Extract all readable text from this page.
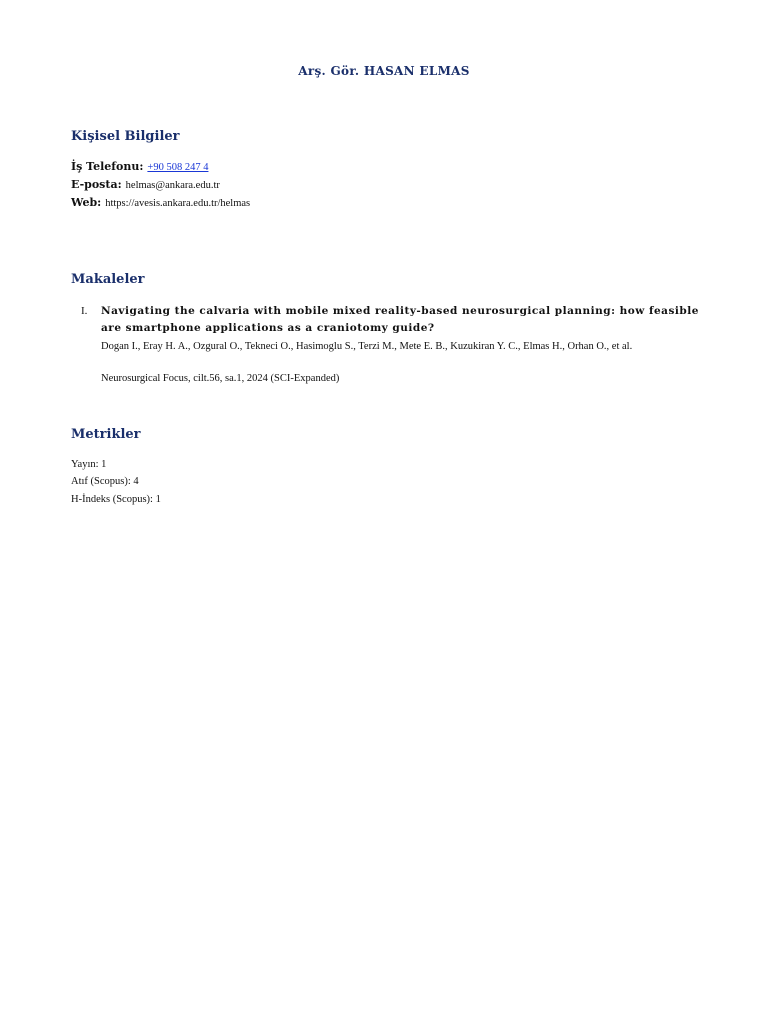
Arş. Gör. HASAN ELMAS
Kişisel Bilgiler
İş Telefonu: +90 508 247 4
E-posta: helmas@ankara.edu.tr
Web: https://avesis.ankara.edu.tr/helmas
Makaleler
I. Navigating the calvaria with mobile mixed reality-based neurosurgical planning: how feasible are smartphone applications as a craniotomy guide?
Dogan I., Eray H. A., Ozgural O., Tekneci O., Hasimoglu S., Terzi M., Mete E. B., Kuzukiran Y. C., Elmas H., Orhan O., et al.
Neurosurgical Focus, cilt.56, sa.1, 2024 (SCI-Expanded)
Metrikler
Yayın: 1
Atıf (Scopus): 4
H-İndeks (Scopus): 1
